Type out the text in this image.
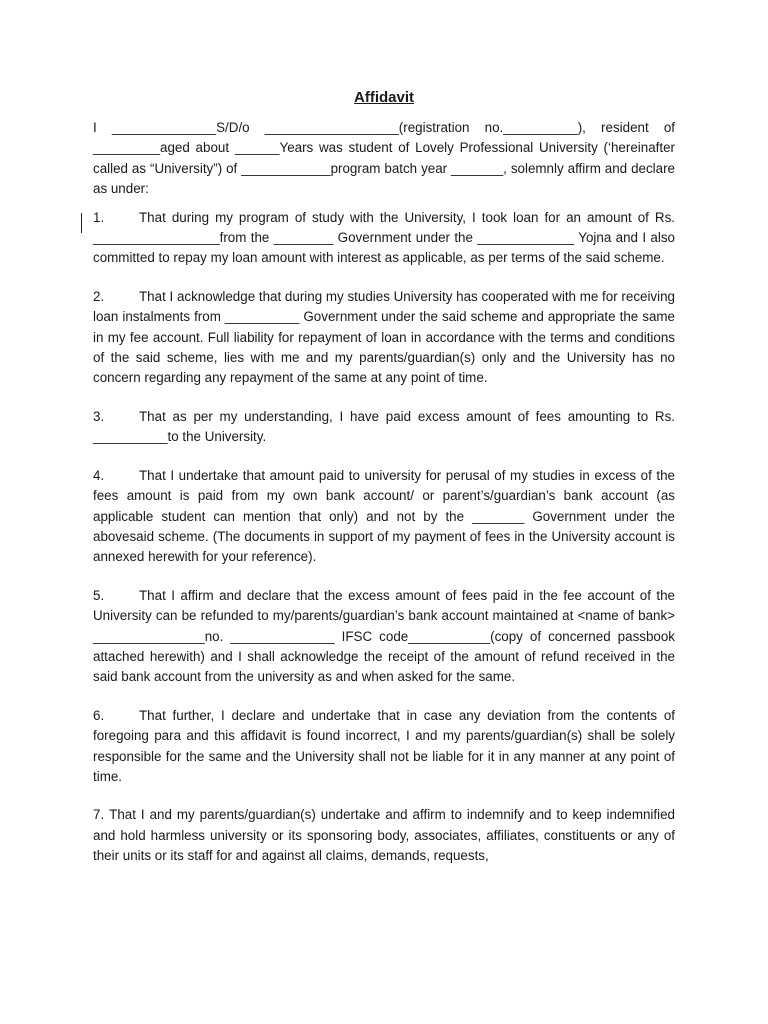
Affidavit

I ______________S/D/o __________________(registration no.__________), resident of _________aged about ______Years was student of Lovely Professional University (‘hereinafter called as “University”) of ____________program batch year _______, solemnly affirm and declare as under:

1.	That during my program of study with the University, I took loan for an amount of Rs. _________________from the ________ Government under the _____________ Yojna and I also committed to repay my loan amount with interest as applicable, as per terms of the said scheme.

2.	That I acknowledge that during my studies University has cooperated with me for receiving loan instalments from __________ Government under the said scheme and appropriate the same in my fee account. Full liability for repayment of loan in accordance with the terms and conditions of the said scheme, lies with me and my parents/guardian(s) only and the University has no concern regarding any repayment of the same at any point of time.

3.	That as per my understanding, I have paid excess amount of fees amounting to Rs. __________to the University.

4.	That I undertake that amount paid to university for perusal of my studies in excess of the fees amount is paid from my own bank account/ or parent’s/guardian’s bank account (as applicable student can mention that only) and not by the _______ Government under the abovesaid scheme. (The documents in support of my payment of fees in the University account is annexed herewith for your reference).

5.	That I affirm and declare that the excess amount of fees paid in the fee account of the University can be refunded to my/parents/guardian’s bank account maintained at <name of bank> _______________no. ______________ IFSC code___________(copy of concerned passbook attached herewith) and I shall acknowledge the receipt of the amount of refund received in the said bank account from the university as and when asked for the same.

6.	That further, I declare and undertake that in case any deviation from the contents of foregoing para and this affidavit is found incorrect, I and my parents/guardian(s) shall be solely responsible for the same and the University shall not be liable for it in any manner at any point of time.

7. That I and my parents/guardian(s) undertake and affirm to indemnify and to keep indemnified and hold harmless university or its sponsoring body, associates, affiliates, constituents or any of their units or its staff for and against all claims, demands, requests,
